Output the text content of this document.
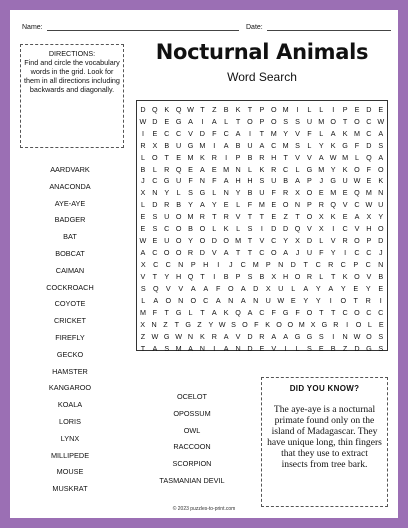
Name:	Date:
DIRECTIONS:
Find and circle the vocabulary words in the grid. Look for them in all directions including backwards and diagonally.
Nocturnal Animals
Word Search
D Q K Q W T	Z	B K	T	P O M	I	L	L	I	P E D E
W D E G A	I	A	L	T O P O S S U M O T O C W
I	E C C V D F C A	I	T M Y V	F	L	A K M C A
R X B U G M	I	A B U A C M S	L	Y K G F D S
L O T	E M K R	I	P B R H T	V V A W M L Q A
B	L	R Q E A E M N	L	K R C	L G M Y K O F O
J	C G U F N F	A H H S U B A P	J	G U W E K
X N Y	L	S G L	N Y B U F R X O E M E Q M N
L	D R B Y A Y E	L	F M E O N P R Q V C W U
E S U O M R T R V	T	T	E	Z	T O X K E A X Y
E S C O B O L	K	L	S	I	D D Q V X	I	C V H O
W E U O Y O D O M T	V C Y X D	L	V R O P D
A C O O R D V A	T	T C O A	J	U F	Y	I	C C	J
X	C	C	N	P	H	I	J	C M P	N	D	T	C	R	C	P	C	N
V	T	Y H Q T	I	B P S B X H O R	L	T	K O V B
S	Q	V	V	A	A	F	O	A	D	X	U	L	A	Y	A	Y	E	Y	E
L	A	O N O C	A	N	A	N	U W E	Y	Y	I	O	T	R	I
M F	T G L	T	A K Q A C F G F O T	T C O C C
X N Z T G Z Y W S O F K O O M X G R	I	O L E
Z W G W N K R A V D R A A G G S	I	N W O S
T	A S M A N	I	A N D E V	I	L	S E B	Z D G S
AARDVARK
ANACONDA
AYE-AYE
BADGER
BAT
BOBCAT
CAIMAN
COCKROACH
COYOTE
CRICKET
FIREFLY
GECKO
HAMSTER
KANGAROO
KOALA
LORIS
LYNX
MILLIPEDE
MOUSE
MUSKRAT
OCELOT
OPOSSUM
OWL
RACCOON
SCORPION
TASMANIAN DEVIL
DID YOU KNOW?
The aye-aye is a nocturnal primate found only on the island of Madagascar. They have unique long, thin fingers that they use to extract insects from tree bark.
© 2023 puzzles-to-print.com
